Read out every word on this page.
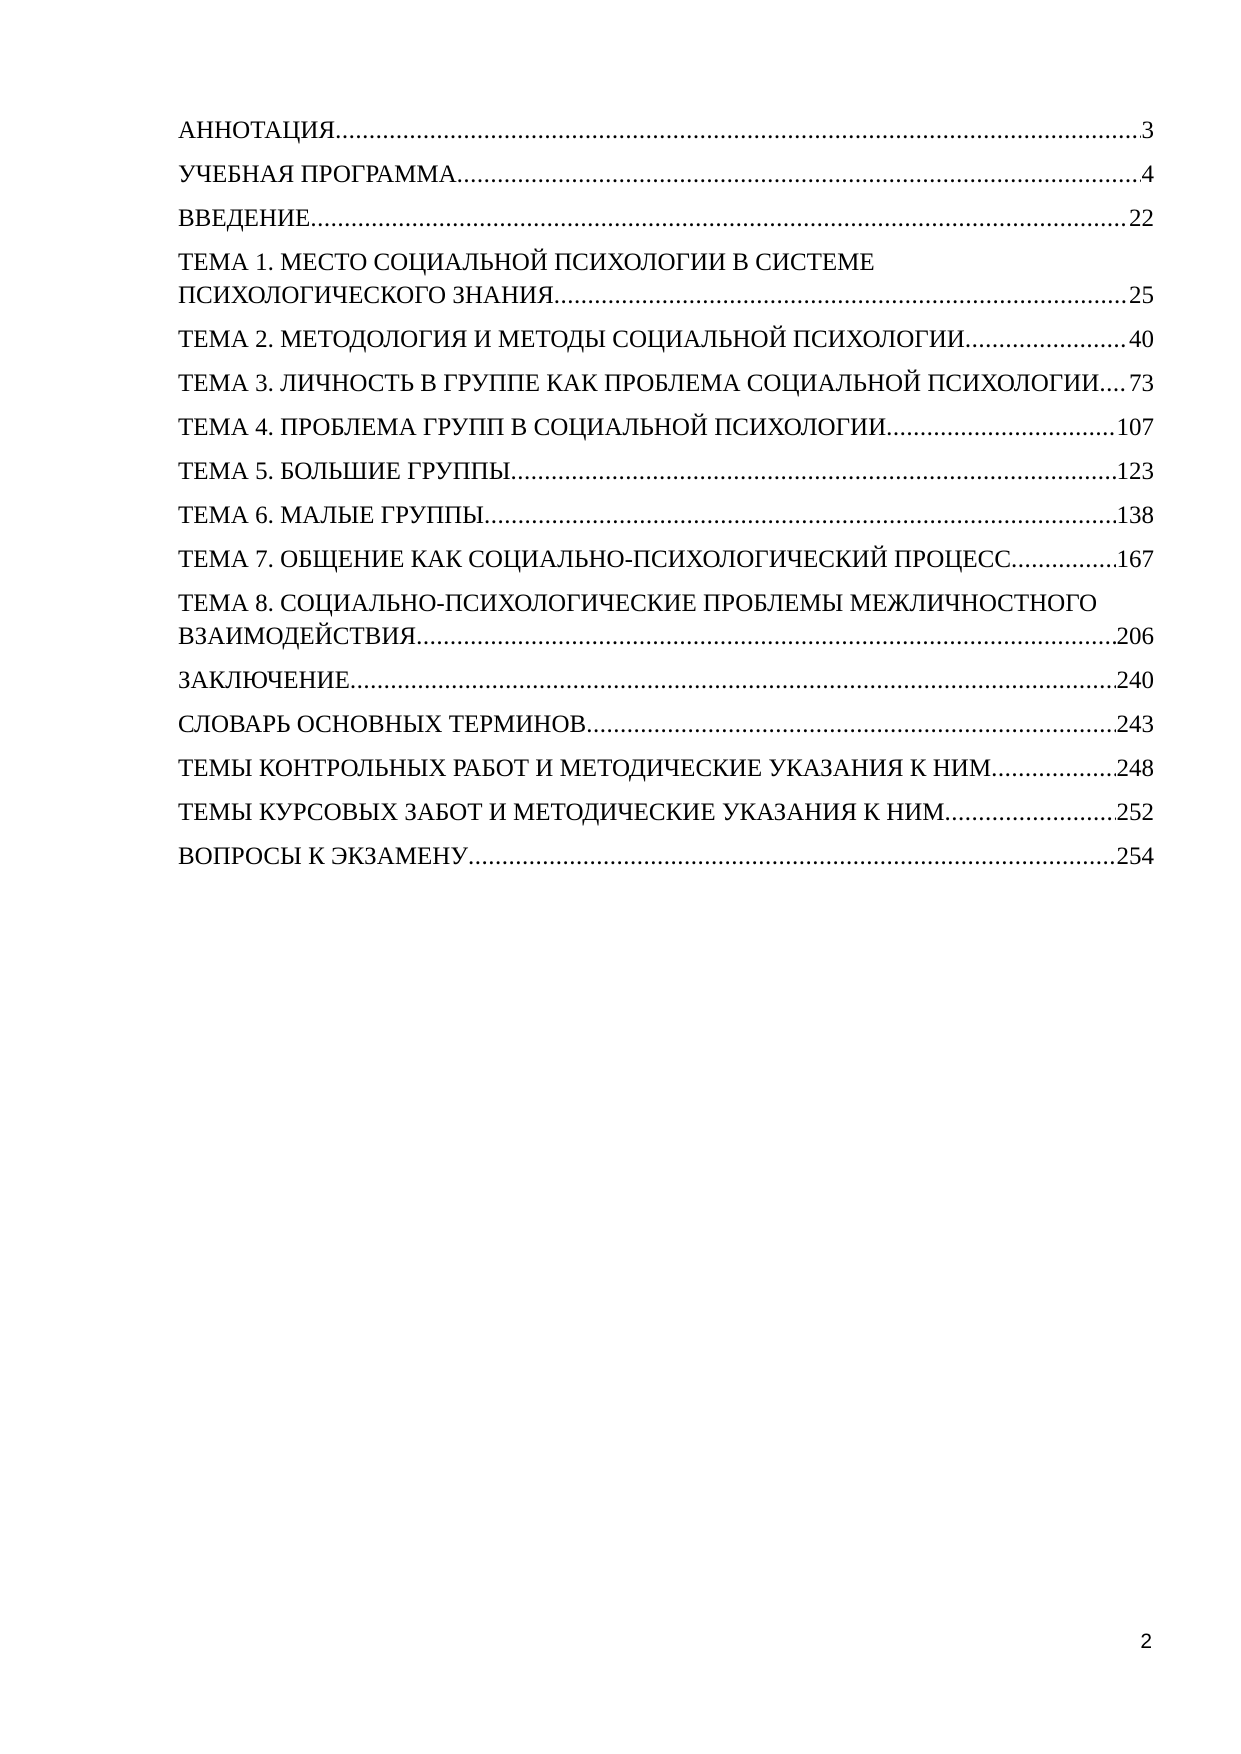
АННОТАЦИЯ .....	3
УЧЕБНАЯ ПРОГРАММА .....	4
ВВЕДЕНИЕ .....	22
ТЕМА 1. МЕСТО СОЦИАЛЬНОЙ ПСИХОЛОГИИ В СИСТЕМЕ
ПСИХОЛОГИЧЕСКОГО ЗНАНИЯ .....	25
ТЕМА 2. МЕТОДОЛОГИЯ И МЕТОДЫ СОЦИАЛЬНОЙ ПСИХОЛОГИИ .....	40
ТЕМА 3. ЛИЧНОСТЬ В ГРУППЕ КАК ПРОБЛЕМА СОЦИАЛЬНОЙ ПСИХОЛОГИИ ..... 73
ТЕМА 4. ПРОБЛЕМА ГРУПП В СОЦИАЛЬНОЙ ПСИХОЛОГИИ .....	107
ТЕМА 5. БОЛЬШИЕ ГРУППЫ .....	123
ТЕМА 6. МАЛЫЕ ГРУППЫ .....	138
ТЕМА 7. ОБЩЕНИЕ КАК СОЦИАЛЬНО-ПСИХОЛОГИЧЕСКИЙ ПРОЦЕСС .....	167
ТЕМА 8. СОЦИАЛЬНО-ПСИХОЛОГИЧЕСКИЕ ПРОБЛЕМЫ МЕЖЛИЧНОСТНОГО
ВЗАИМОДЕЙСТВИЯ .....	206
ЗАКЛЮЧЕНИЕ .....	240
СЛОВАРЬ ОСНОВНЫХ ТЕРМИНОВ .....	243
ТЕМЫ КОНТРОЛЬНЫХ РАБОТ И МЕТОДИЧЕСКИЕ УКАЗАНИЯ К НИМ .....	248
ТЕМЫ КУРСОВЫХ ЗАБОТ И МЕТОДИЧЕСКИЕ УКАЗАНИЯ К НИМ .....	252
ВОПРОСЫ К ЭКЗАМЕНУ .....	254
2
